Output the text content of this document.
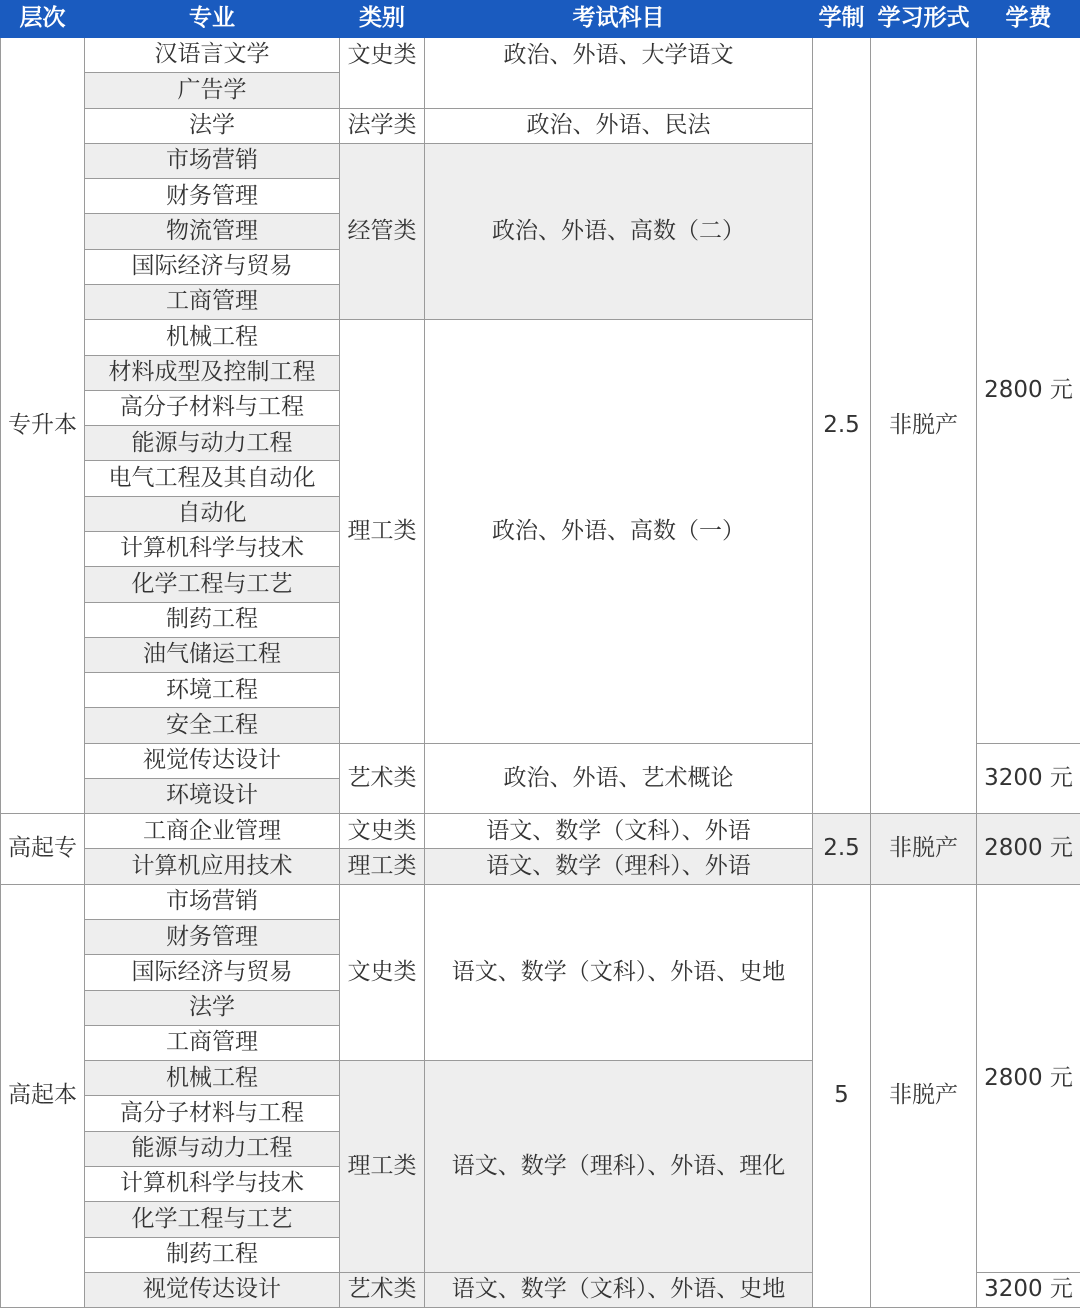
层次	专业	类别	考试科目	学制	学习形式	学费
专升本	汉语言文学	文史类	政治、外语、大学语文	2.5	非脱产	2800 元
	广告学					
	法学	法学类	政治、外语、民法			
	市场营销	经管类	政治、外语、高数（二）			
	财务管理					
	物流管理					
	国际经济与贸易					
	工商管理					
	机械工程	理工类	政治、外语、高数（一）			
	材料成型及控制工程					
	高分子材料与工程					
	能源与动力工程					
	电气工程及其自动化					
	自动化					
	计算机科学与技术					
	化学工程与工艺					
	制药工程					
	油气储运工程					
	环境工程					
	安全工程					
	视觉传达设计	艺术类	政治、外语、艺术概论			3200 元
	环境设计					
高起专	工商企业管理	文史类	语文、数学（文科）、外语	2.5	非脱产	2800 元
	计算机应用技术	理工类	语文、数学（理科）、外语			
高起本	市场营销	文史类	语文、数学（文科）、外语、史地	5	非脱产	2800 元
	财务管理					
	国际经济与贸易					
	法学					
	工商管理					
	机械工程	理工类	语文、数学（理科）、外语、理化			
	高分子材料与工程					
	能源与动力工程					
	计算机科学与技术					
	化学工程与工艺					
	制药工程					
	视觉传达设计	艺术类	语文、数学（文科）、外语、史地			3200 元
